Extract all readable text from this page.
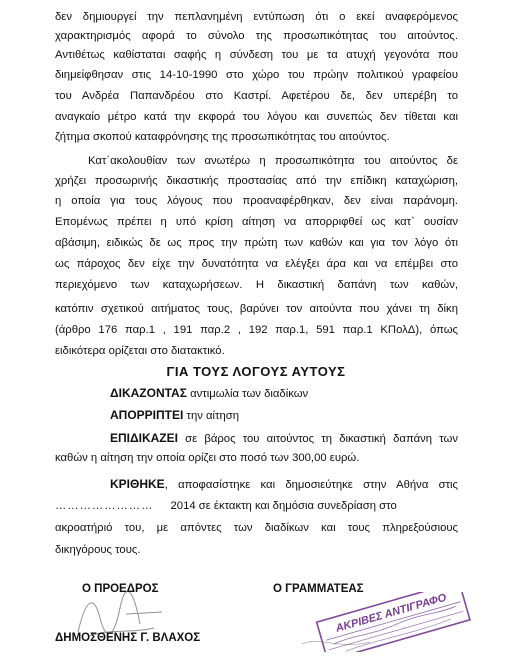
δεν δημιουργεί την πεπλανημένη εντύπωση ότι ο εκεί αναφερόμενος
χαρακτηρισμός αφορά το σύνολο της προσωπικότητας του αιτούντος.
Αντιθέτως καθίσταται σαφής η σύνδεση του με τα ατυχή γεγονότα που
διημείφθησαν στις 14-10-1990 στο χώρο του πρώην πολιτικού γραφείου
του Ανδρέα Παπανδρέου στο Καστρί. Αφετέρου δε, δεν υπερέβη το
αναγκαίο μέτρο κατά την εκφορά του λόγου και συνεπώς δεν τίθεται και
ζήτημα σκοπού καταφρόνησης της προσωπικότητας του αιτούντος.
Κατ΄ακολουθίαν των ανωτέρω η προσωπικότητα του αιτούντος δε
χρήζει προσωρινής δικαστικής προστασίας από την επίδικη καταχώριση,
η οποία για τους λόγους που προαναφέρθηκαν, δεν είναι παράνομη.
Επομένως πρέπει η υπό κρίση αίτηση να απορριφθεί ως κατ` ουσίαν
αβάσιμη, ειδικώς δε ως προς την πρώτη των καθών και για τον λόγο ότι
ως πάροχος δεν είχε την δυνατότητα να ελέγξει άρα και να επέμβει στο
περιεχόμενο των καταχωρήσεων. Η δικαστική δαπάνη των καθών,
κατόπιν σχετικού αιτήματος τους, βαρύνει τον αιτούντα που χάνει τη δίκη
(άρθρο 176 παρ.1 , 191 παρ.2 , 192 παρ.1, 591 παρ.1 ΚΠολΔ), όπως
ειδικότερα ορίζεται στο διατακτικό.
ΓΙΑ ΤΟΥΣ ΛΟΓΟΥΣ ΑΥΤΟΥΣ
ΔΙΚΑΖΟΝΤΑΣ αντιμωλία των διαδίκων
ΑΠΟΡΡΙΠΤΕΙ την αίτηση
ΕΠΙΔΙΚΑΖΕΙ σε βάρος του αιτούντος τη δικαστική δαπάνη των
καθών η αίτηση την οποία ορίζει στο ποσό των 300,00 ευρώ.
ΚΡΙΘΗΚΕ, αποφασίστηκε και δημοσιεύτηκε στην Αθήνα στις
…………………… 2014 σε έκτακτη και δημόσια συνεδρίαση στο
ακροατήριό του, με απόντες των διαδίκων και τους πληρεξούσιους
δικηγόρους τους.
Ο ΠΡΟΕΔΡΟΣ	Ο ΓΡΑΜΜΑΤΕΑΣ
ΔΗΜΟΣΘΕΝΗΣ Γ. ΒΛΑΧΟΣ
ΑΚΡΙΒΕΣ ΑΝΤΙΓΡΑΦΟ
